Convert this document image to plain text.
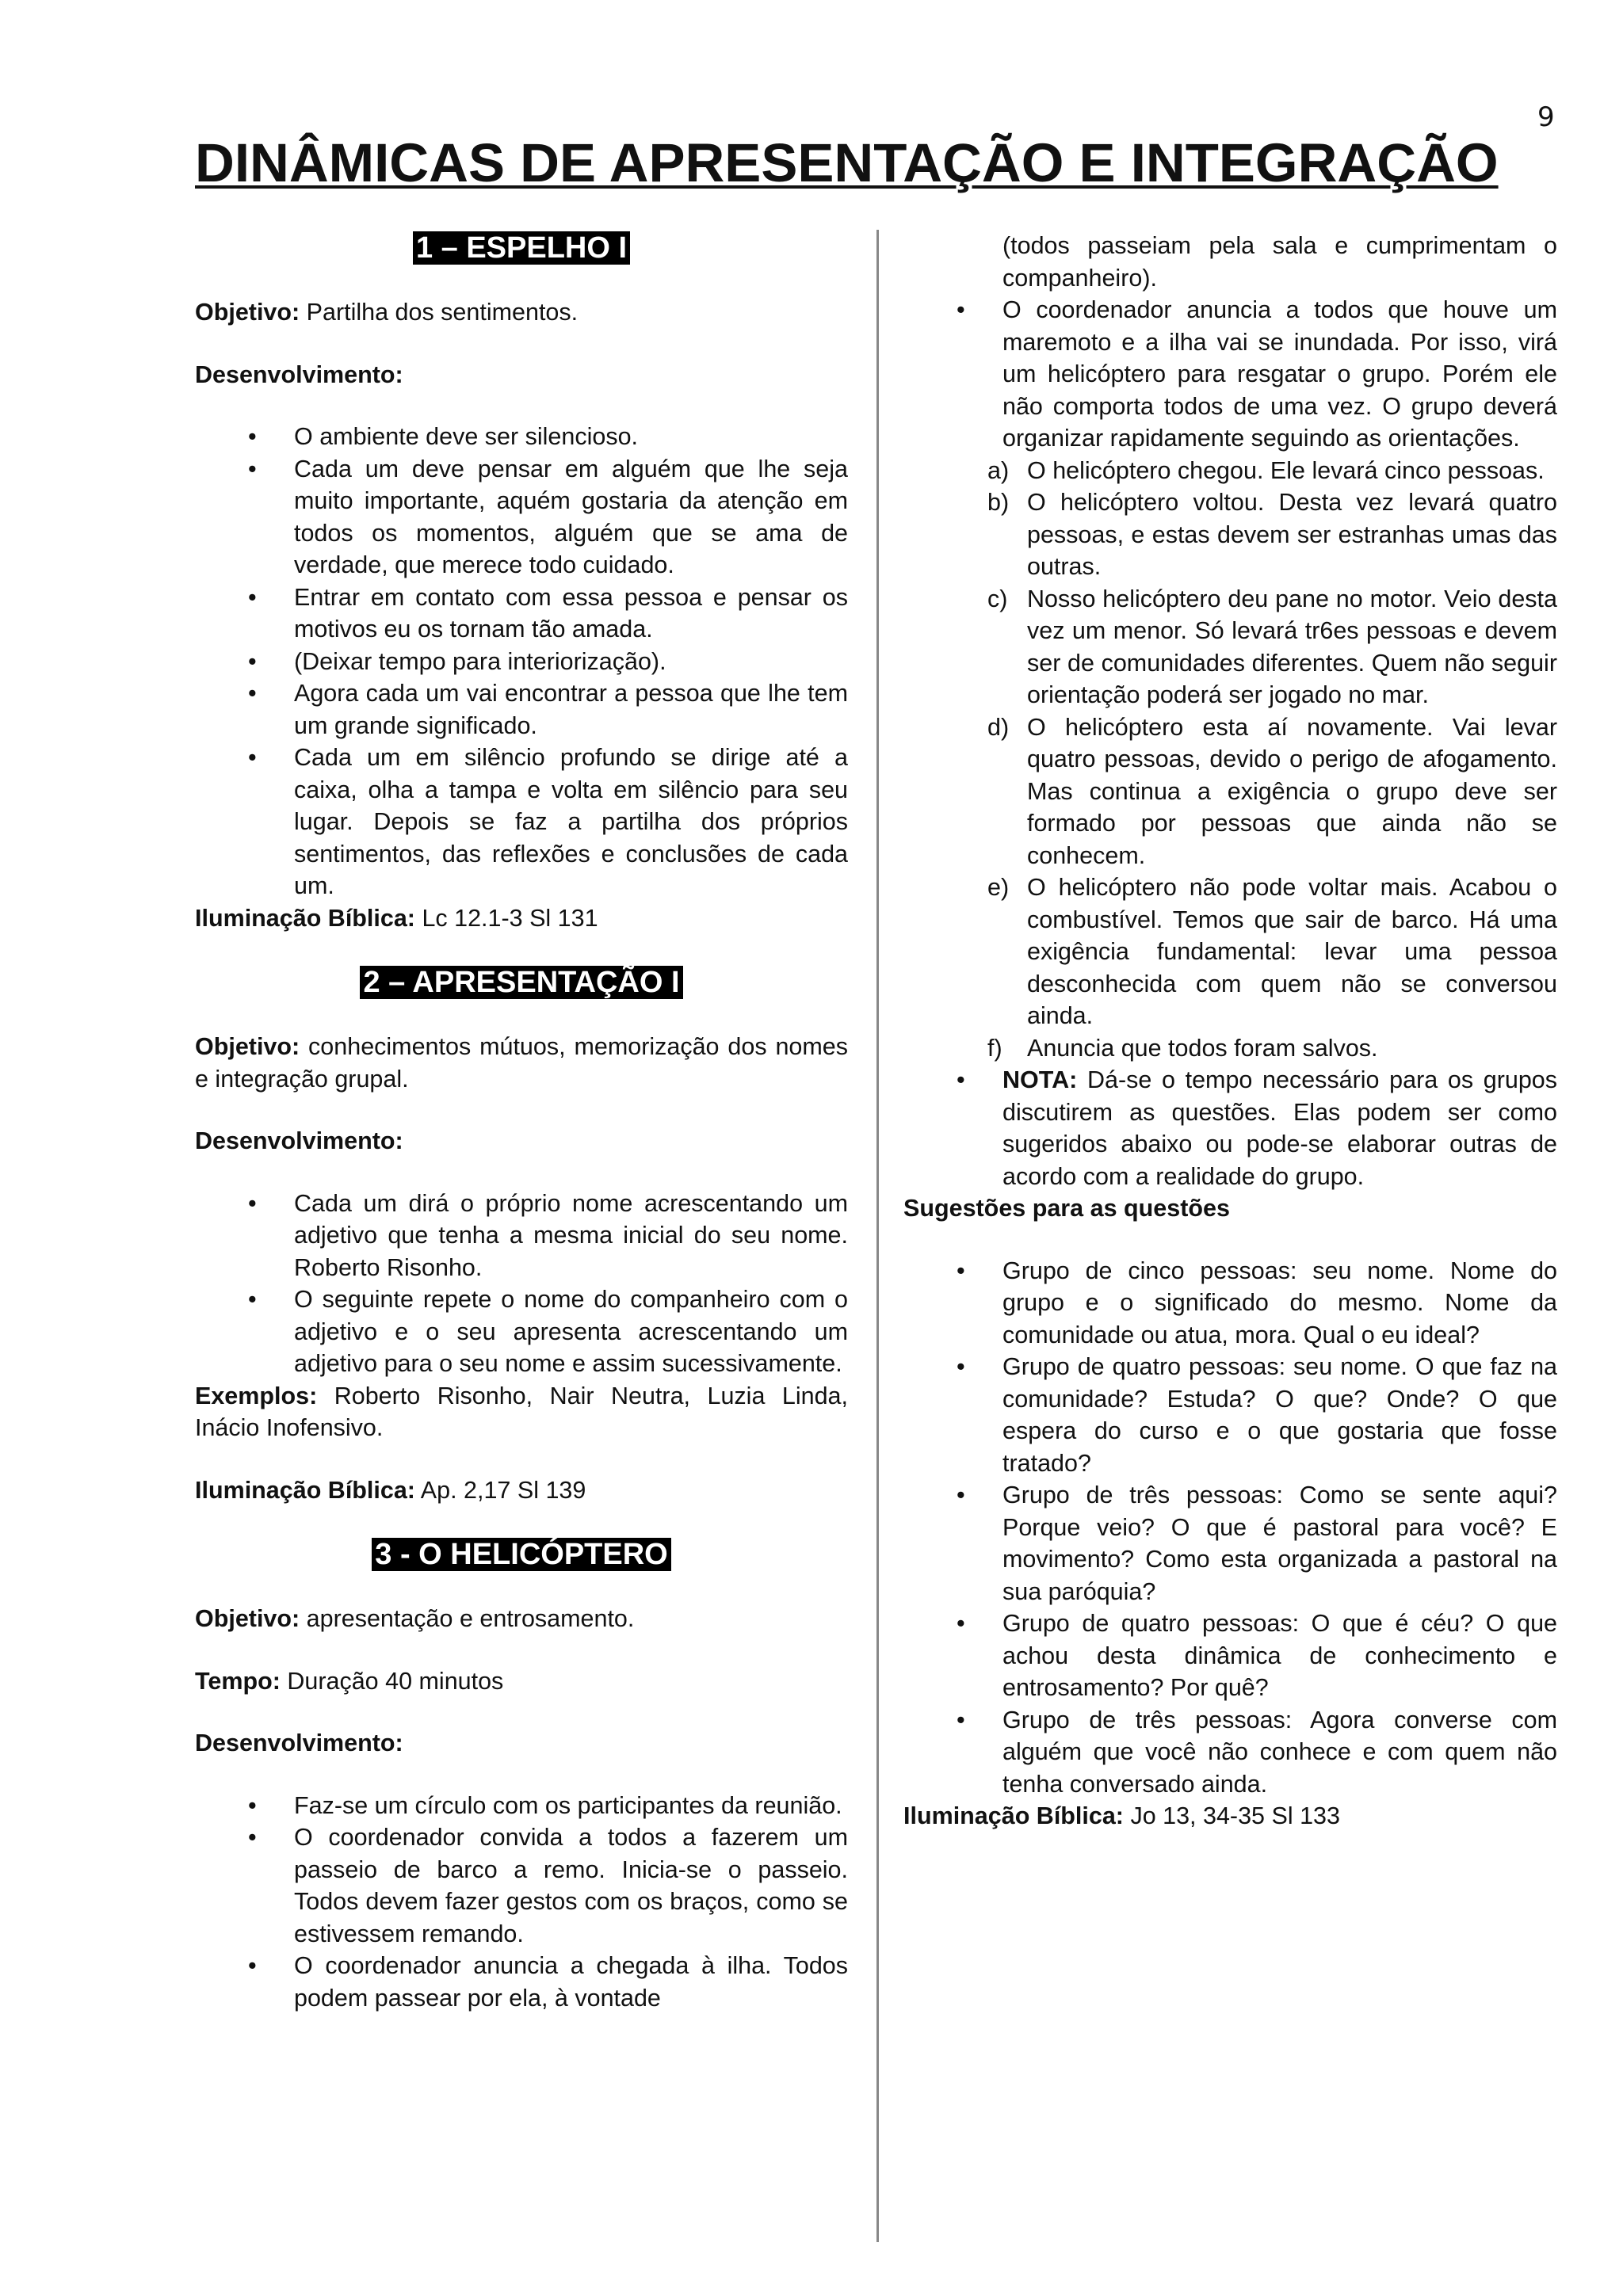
9
DINÂMICAS DE APRESENTAÇÃO E INTEGRAÇÃO
1 – ESPELHO I

Objetivo: Partilha dos sentimentos.

Desenvolvimento:

• O ambiente deve ser silencioso.
• Cada um deve pensar em alguém que lhe seja muito importante, aquém gostaria da atenção em todos os momentos, alguém que se ama de verdade, que merece todo cuidado.
• Entrar em contato com essa pessoa e pensar os motivos eu os tornam tão amada.
• (Deixar tempo para interiorização).
• Agora cada um vai encontrar a pessoa que lhe tem um grande significado.
• Cada um em silêncio profundo se dirige até a caixa, olha a tampa e volta em silêncio para seu lugar. Depois se faz a partilha dos próprios sentimentos, das reflexões e conclusões de cada um.

Iluminação Bíblica: Lc 12.1-3 Sl 131

2 – APRESENTAÇÃO I

Objetivo: conhecimentos mútuos, memorização dos nomes e integração grupal.

Desenvolvimento:

• Cada um dirá o próprio nome acrescentando um adjetivo que tenha a mesma inicial do seu nome. Roberto Risonho.
• O seguinte repete o nome do companheiro com o adjetivo e o seu apresenta acrescentando um adjetivo para o seu nome e assim sucessivamente.

Exemplos: Roberto Risonho, Nair Neutra, Luzia Linda, Inácio Inofensivo.

Iluminação Bíblica: Ap. 2,17 Sl 139

3 - O HELICÓPTERO

Objetivo: apresentação e entrosamento.

Tempo: Duração 40 minutos

Desenvolvimento:

• Faz-se um círculo com os participantes da reunião.
• O coordenador convida a todos a fazerem um passeio de barco a remo. Inicia-se o passeio. Todos devem fazer gestos com os braços, como se estivessem remando.
• O coordenador anuncia a chegada à ilha. Todos podem passear por ela, à vontade

(todos passeiam pela sala e cumprimentam o companheiro).

• O coordenador anuncia a todos que houve um maremoto e a ilha vai se inundada. Por isso, virá um helicóptero para resgatar o grupo. Porém ele não comporta todos de uma vez. O grupo deverá organizar rapidamente seguindo as orientações.
a) O helicóptero chegou. Ele levará cinco pessoas.
b) O helicóptero voltou. Desta vez levará quatro pessoas, e estas devem ser estranhas umas das outras.
c) Nosso helicóptero deu pane no motor. Veio desta vez um menor. Só levará tr6es pessoas e devem ser de comunidades diferentes. Quem não seguir orientação poderá ser jogado no mar.
d) O helicóptero esta aí novamente. Vai levar quatro pessoas, devido o perigo de afogamento. Mas continua a exigência o grupo deve ser formado por pessoas que ainda não se conhecem.
e) O helicóptero não pode voltar mais. Acabou o combustível. Temos que sair de barco. Há uma exigência fundamental: levar uma pessoa desconhecida com quem não se conversou ainda.
f) Anuncia que todos foram salvos.
• NOTA: Dá-se o tempo necessário para os grupos discutirem as questões. Elas podem ser como sugeridos abaixo ou pode-se elaborar outras de acordo com a realidade do grupo.

Sugestões para as questões

• Grupo de cinco pessoas: seu nome. Nome do grupo e o significado do mesmo. Nome da comunidade ou atua, mora. Qual o eu ideal?
• Grupo de quatro pessoas: seu nome. O que faz na comunidade? Estuda? O que? Onde? O que espera do curso e o que gostaria que fosse tratado?
• Grupo de três pessoas: Como se sente aqui? Porque veio? O que é pastoral para você? E movimento? Como esta organizada a pastoral na sua paróquia?
• Grupo de quatro pessoas: O que é céu? O que achou desta dinâmica de conhecimento e entrosamento? Por quê?
• Grupo de três pessoas: Agora converse com alguém que você não conhece e com quem não tenha conversado ainda.

Iluminação Bíblica: Jo 13, 34-35 Sl 133
